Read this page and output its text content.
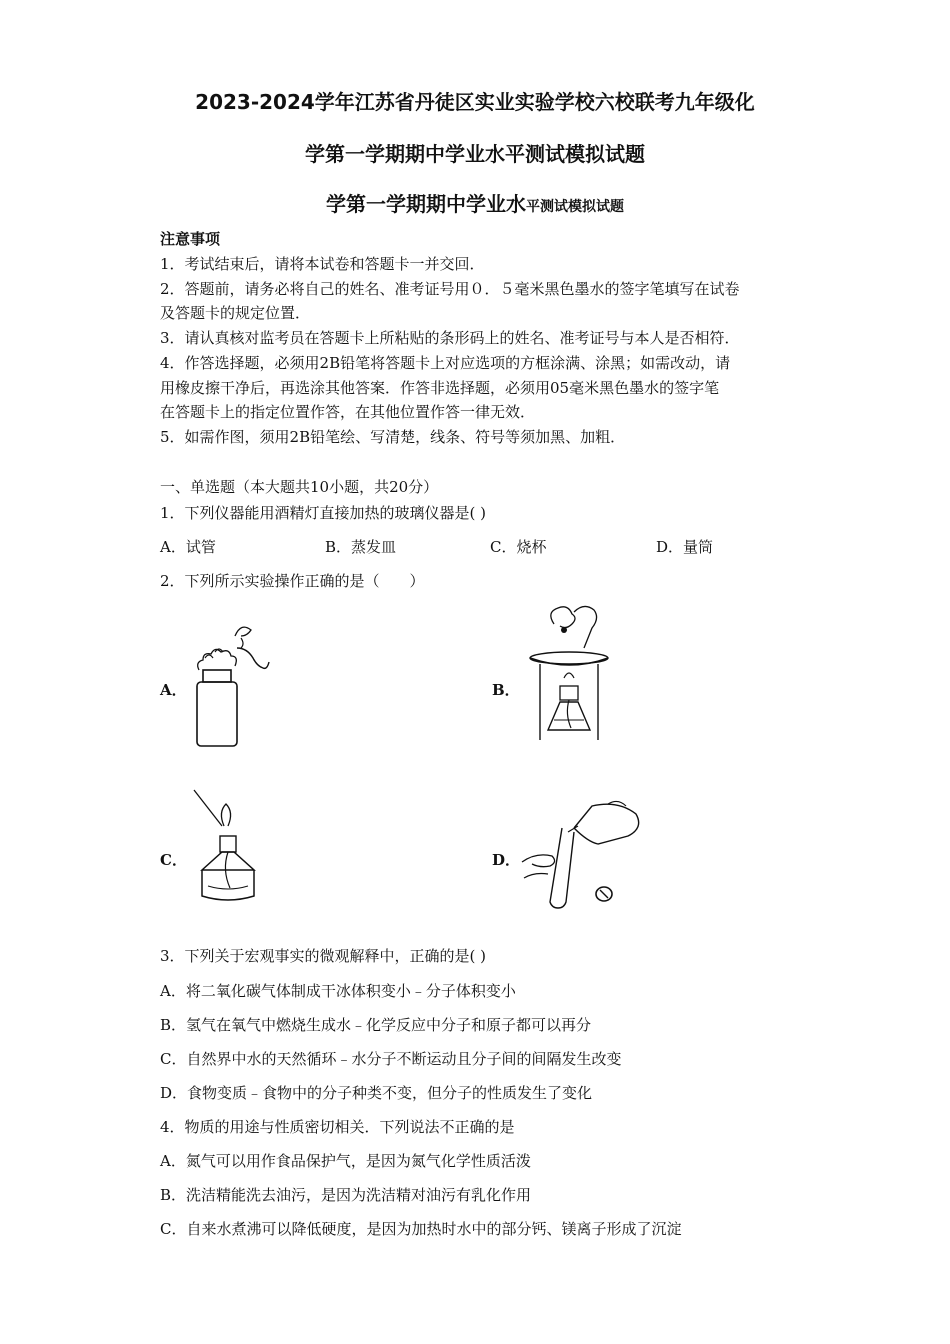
2023-2024学年江苏省丹徒区实业实验学校六校联考九年级化
学第一学期期中学业水平测试模拟试题
学第一学期期中学业水平测试模拟试题
注意事项
1．考试结束后，请将本试卷和答题卡一并交回．
2．答题前，请务必将自己的姓名、准考证号用０．５毫米黑色墨水的签字笔填写在试卷
及答题卡的规定位置．
3．请认真核对监考员在答题卡上所粘贴的条形码上的姓名、准考证号与本人是否相符．
4．作答选择题，必须用2B铅笔将答题卡上对应选项的方框涂满、涂黑；如需改动，请
用橡皮擦干净后，再选涂其他答案．作答非选择题，必须用05毫米黑色墨水的签字笔
在答题卡上的指定位置作答，在其他位置作答一律无效．
5．如需作图，须用2B铅笔绘、写清楚，线条、符号等须加黑、加粗．
一、单选题（本大题共10小题，共20分）
1．下列仪器能用酒精灯直接加热的玻璃仪器是( )
A．试管	B．蒸发皿	C．烧杯	D．量筒
2．下列所示实验操作正确的是（　　）
A．	B．
C．	D．
3．下列关于宏观事实的微观解释中，正确的是( )
A．将二氧化碳气体制成干冰体积变小﹣分子体积变小
B．氢气在氧气中燃烧生成水﹣化学反应中分子和原子都可以再分
C．自然界中水的天然循环﹣水分子不断运动且分子间的间隔发生改变
D．食物变质﹣食物中的分子种类不变，但分子的性质发生了变化
4．物质的用途与性质密切相关．下列说法不正确的是
A．氮气可以用作食品保护气，是因为氮气化学性质活泼
B．洗洁精能洗去油污，是因为洗洁精对油污有乳化作用
C．自来水煮沸可以降低硬度，是因为加热时水中的部分钙、镁离子形成了沉淀
